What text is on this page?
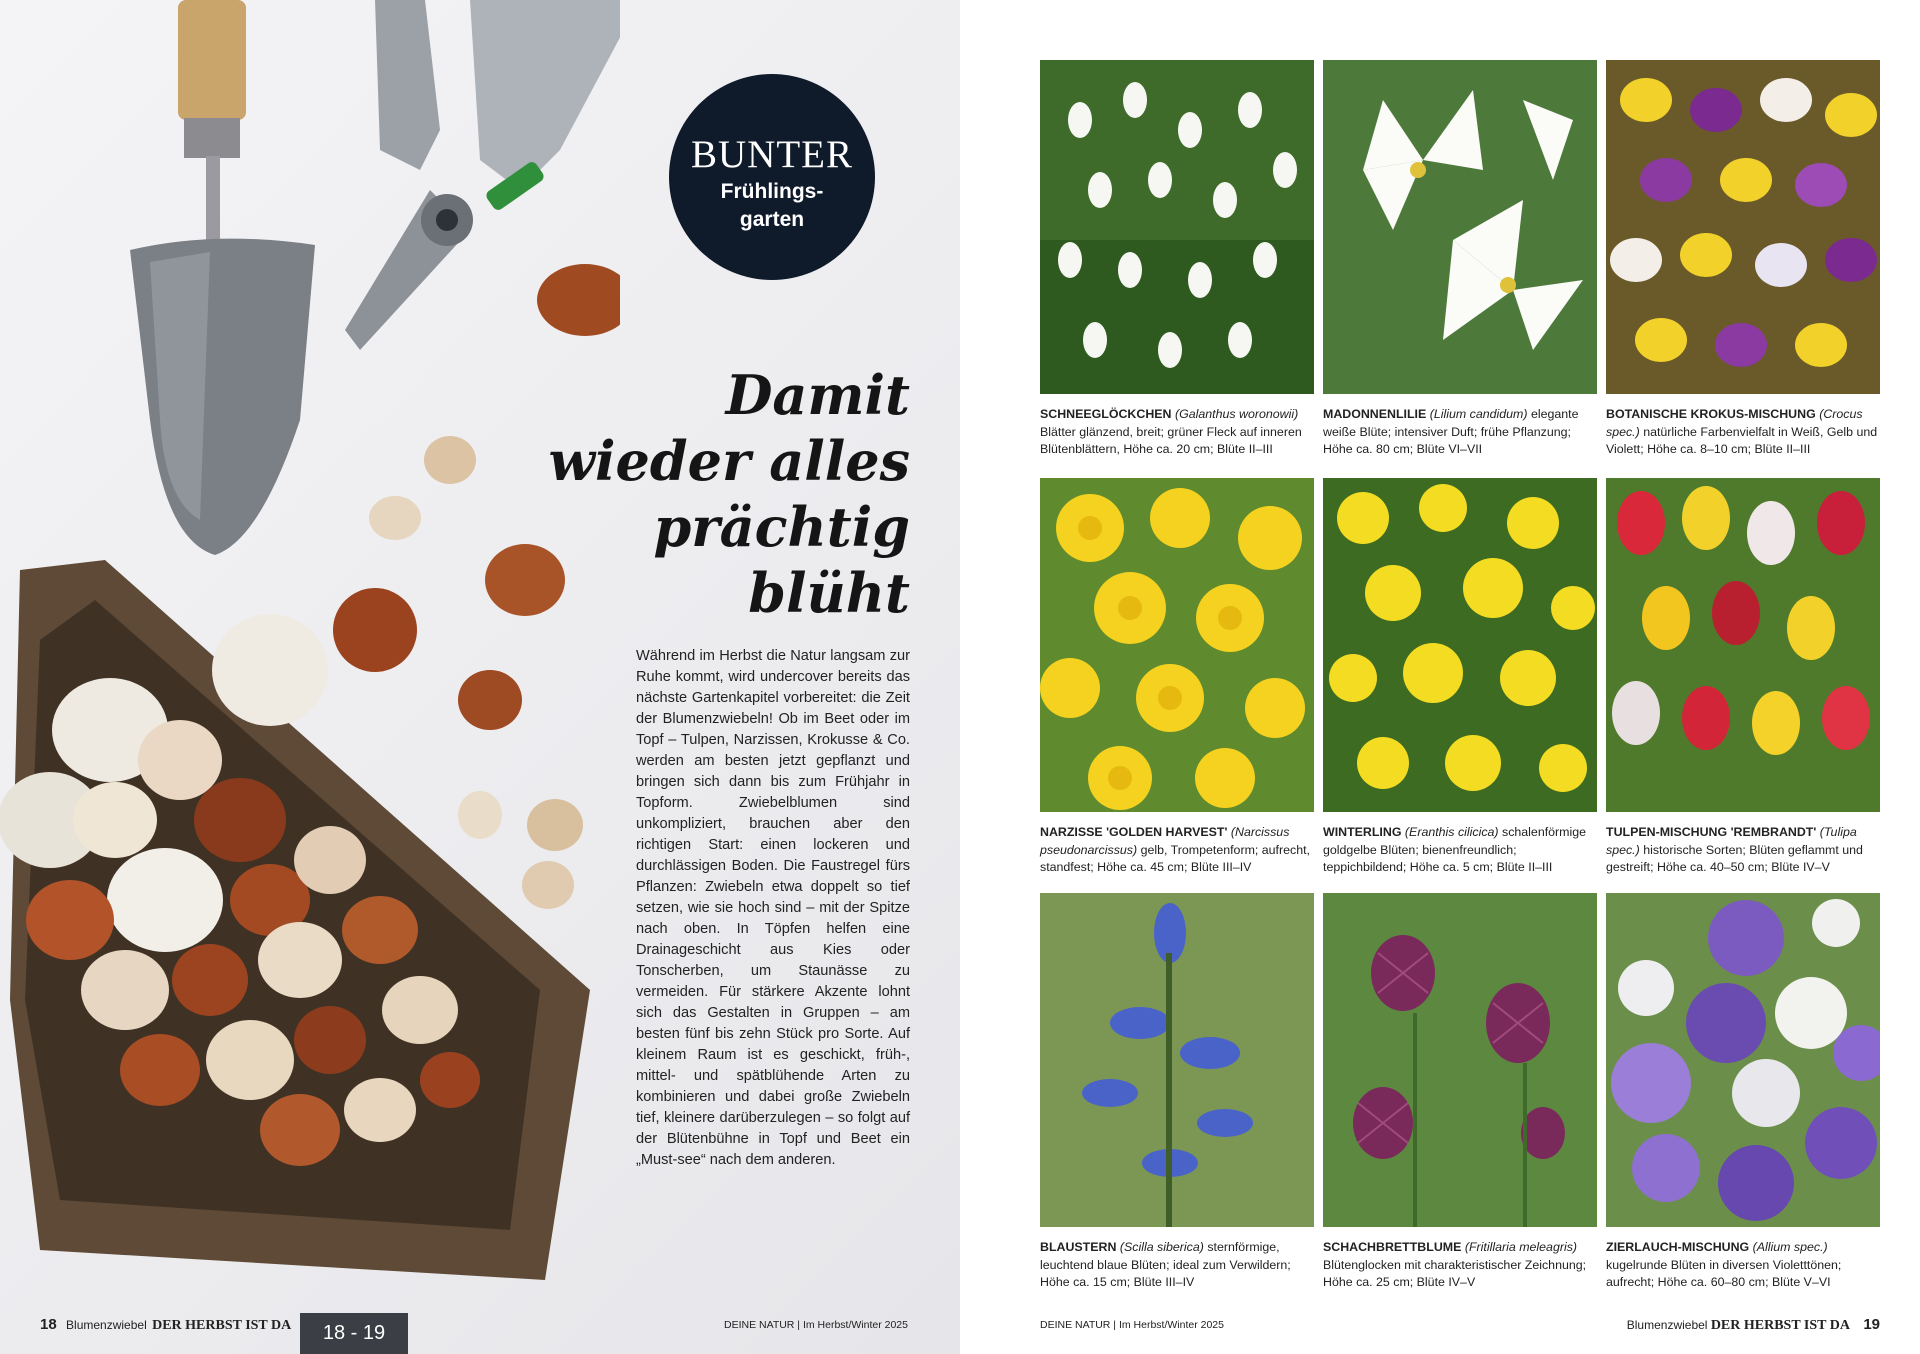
BUNTER
Frühlings-
garten
Damit
wieder alles
prächtig
blüht
Während im Herbst die Natur langsam zur Ruhe kommt, wird undercover bereits das nächste Gartenkapitel vorbereitet: die Zeit der Blumenzwiebeln! Ob im Beet oder im Topf – Tulpen, Narzissen, Krokusse & Co. werden am besten jetzt gepflanzt und bringen sich dann bis zum Frühjahr in Topform. Zwiebelblumen sind unkompliziert, brauchen aber den richtigen Start: einen lockeren und durchlässigen Boden. Die Faustregel fürs Pflanzen: Zwiebeln etwa doppelt so tief setzen, wie sie hoch sind – mit der Spitze nach oben. In Töpfen helfen eine Drainageschicht aus Kies oder Tonscherben, um Staunässe zu vermeiden. Für stärkere Akzente lohnt sich das Gestalten in Gruppen – am besten fünf bis zehn Stück pro Sorte. Auf kleinem Raum ist es geschickt, früh-, mittel- und spätblühende Arten zu kombinieren und dabei große Zwiebeln tief, kleinere darüberzulegen – so folgt auf der Blütenbühne in Topf und Beet ein „Must-see“ nach dem anderen.
18 Blumenzwiebel DER HERBST IST DA	DEINE NATUR | Im Herbst/Winter 2025
18 - 19
SCHNEEGLÖCKCHEN (Galanthus woronowii) Blätter glänzend, breit; grüner Fleck auf inneren Blütenblättern, Höhe ca. 20 cm; Blüte II–III
MADONNENLILIE (Lilium candidum) elegante weiße Blüte; intensiver Duft; frühe Pflanzung; Höhe ca. 80 cm; Blüte VI–VII
BOTANISCHE KROKUS-MISCHUNG (Crocus spec.) natürliche Farbenvielfalt in Weiß, Gelb und Violett; Höhe ca. 8–10 cm; Blüte II–III
NARZISSE 'GOLDEN HARVEST' (Narcissus pseudonarcissus) gelb, Trompetenform; aufrecht, standfest; Höhe ca. 45 cm; Blüte III–IV
WINTERLING (Eranthis cilicica) schalenförmige goldgelbe Blüten; bienenfreundlich; teppichbildend; Höhe ca. 5 cm; Blüte II–III
TULPEN-MISCHUNG 'REMBRANDT' (Tulipa spec.) historische Sorten; Blüten geflammt und gestreift; Höhe ca. 40–50 cm; Blüte IV–V
BLAUSTERN (Scilla siberica) sternförmige, leuchtend blaue Blüten; ideal zum Verwildern; Höhe ca. 15 cm; Blüte III–IV
SCHACHBRETTBLUME (Fritillaria meleagris) Blütenglocken mit charakteristischer Zeichnung; Höhe ca. 25 cm; Blüte IV–V
ZIERLAUCH-MISCHUNG (Allium spec.) kugelrunde Blüten in diversen Violetttönen; aufrecht; Höhe ca. 60–80 cm; Blüte V–VI
DEINE NATUR | Im Herbst/Winter 2025	Blumenzwiebel DER HERBST IST DA 19
